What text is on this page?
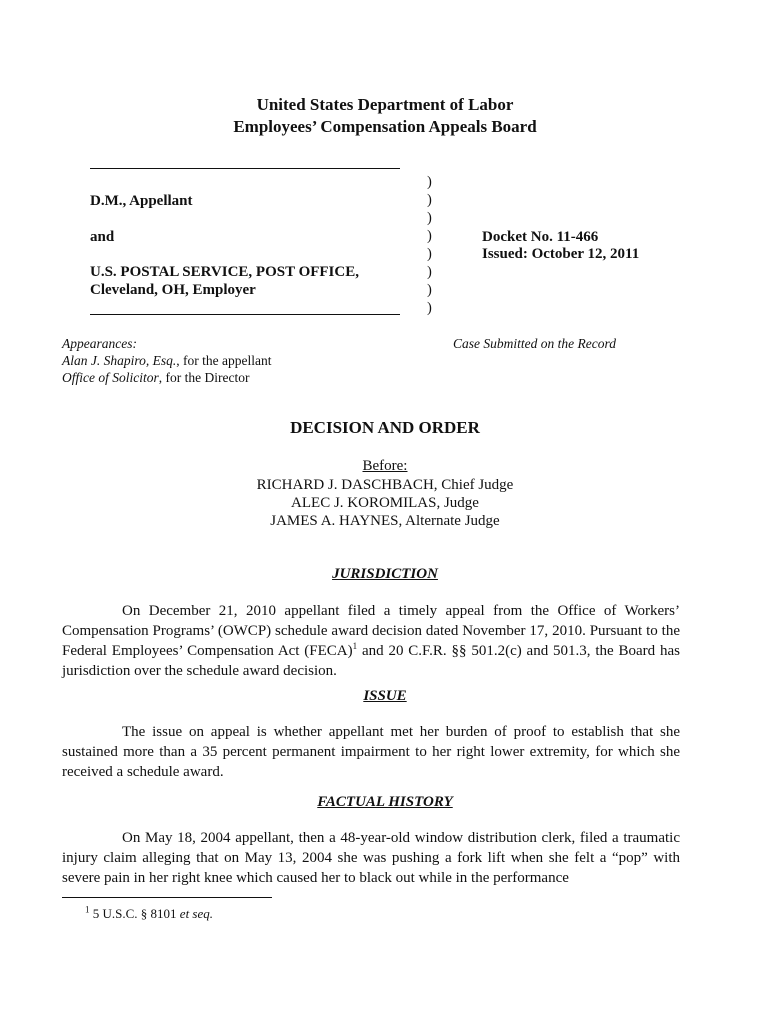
United States Department of Labor
Employees’ Compensation Appeals Board
D.M., Appellant
and
U.S. POSTAL SERVICE, POST OFFICE,
Cleveland, OH, Employer
)
)
)
)
)
)
)
)
Docket No. 11-466
Issued: October 12, 2011
Appearances:
Alan J. Shapiro, Esq., for the appellant
Office of Solicitor, for the Director
Case Submitted on the Record
DECISION AND ORDER
Before:
RICHARD J. DASCHBACH, Chief Judge
ALEC J. KOROMILAS, Judge
JAMES A. HAYNES, Alternate Judge
JURISDICTION
On December 21, 2010 appellant filed a timely appeal from the Office of Workers’ Compensation Programs’ (OWCP) schedule award decision dated November 17, 2010. Pursuant to the Federal Employees’ Compensation Act (FECA)$^1$ and 20 C.F.R. §§ 501.2(c) and 501.3, the Board has jurisdiction over the schedule award decision.
ISSUE
The issue on appeal is whether appellant met her burden of proof to establish that she sustained more than a 35 percent permanent impairment to her right lower extremity, for which she received a schedule award.
FACTUAL HISTORY
On May 18, 2004 appellant, then a 48-year-old window distribution clerk, filed a traumatic injury claim alleging that on May 13, 2004 she was pushing a fork lift when she felt a “pop” with severe pain in her right knee which caused her to black out while in the performance
$^1$ 5 U.S.C. § 8101 et seq.
